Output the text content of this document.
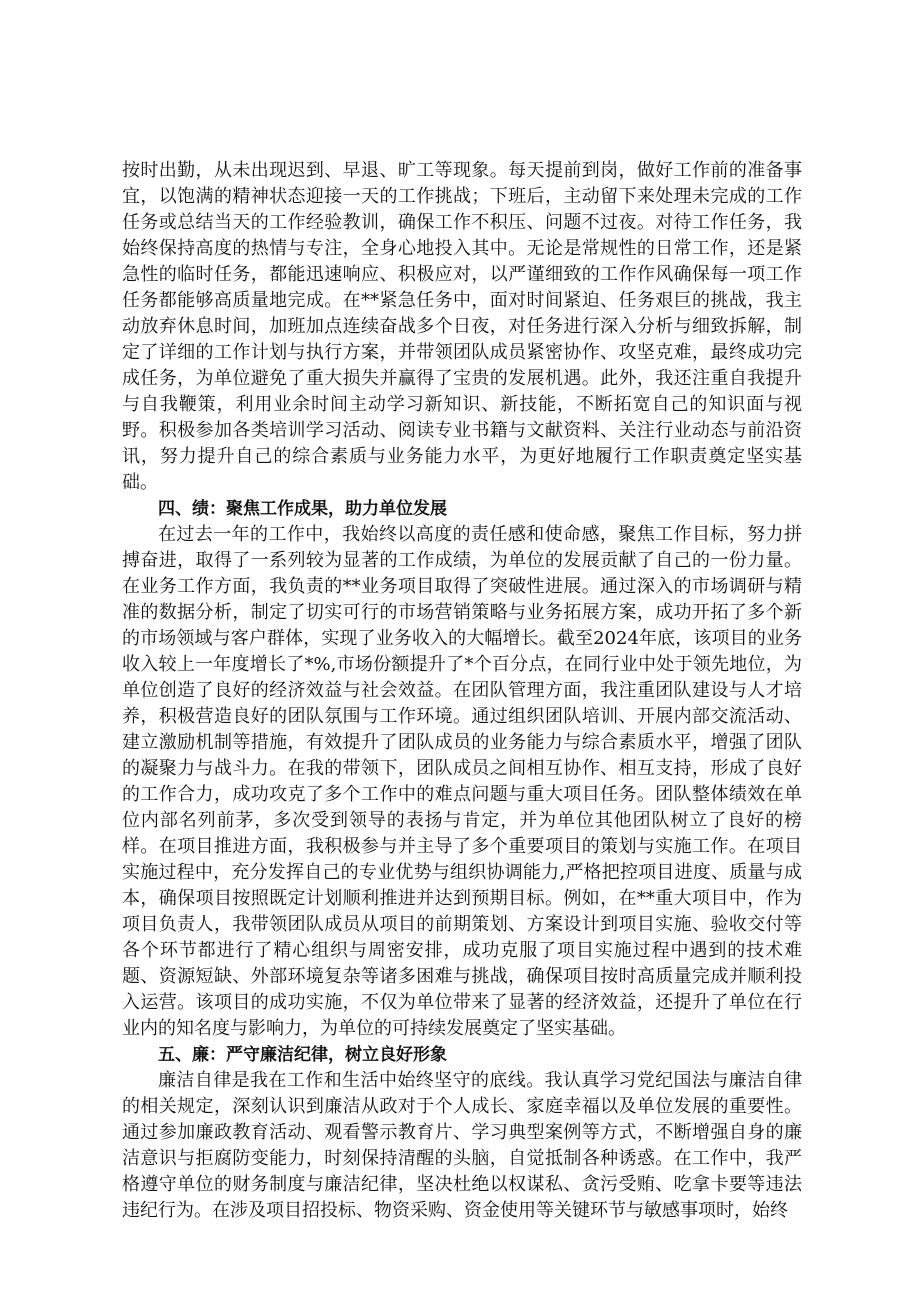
按时出勤，从未出现迟到、早退、旷工等现象。每天提前到岗，做好工作前的准备事宜，以饱满的精神状态迎接一天的工作挑战；下班后，主动留下来处理未完成的工作任务或总结当天的工作经验教训，确保工作不积压、问题不过夜。对待工作任务，我始终保持高度的热情与专注，全身心地投入其中。无论是常规性的日常工作，还是紧急性的临时任务，都能迅速响应、积极应对，以严谨细致的工作作风确保每一项工作任务都能够高质量地完成。在**紧急任务中，面对时间紧迫、任务艰巨的挑战，我主动放弃休息时间，加班加点连续奋战多个日夜，对任务进行深入分析与细致拆解，制定了详细的工作计划与执行方案，并带领团队成员紧密协作、攻坚克难，最终成功完成任务，为单位避免了重大损失并赢得了宝贵的发展机遇。此外，我还注重自我提升与自我鞭策，利用业余时间主动学习新知识、新技能，不断拓宽自己的知识面与视野。积极参加各类培训学习活动、阅读专业书籍与文献资料、关注行业动态与前沿资讯，努力提升自己的综合素质与业务能力水平，为更好地履行工作职责奠定坚实基础。

四、绩：聚焦工作成果，助力单位发展

在过去一年的工作中，我始终以高度的责任感和使命感，聚焦工作目标，努力拼搏奋进，取得了一系列较为显著的工作成绩，为单位的发展贡献了自己的一份力量。在业务工作方面，我负责的**业务项目取得了突破性进展。通过深入的市场调研与精准的数据分析，制定了切实可行的市场营销策略与业务拓展方案，成功开拓了多个新的市场领域与客户群体，实现了业务收入的大幅增长。截至2024年底，该项目的业务收入较上一年度增长了*%,市场份额提升了*个百分点，在同行业中处于领先地位，为单位创造了良好的经济效益与社会效益。在团队管理方面，我注重团队建设与人才培养，积极营造良好的团队氛围与工作环境。通过组织团队培训、开展内部交流活动、建立激励机制等措施，有效提升了团队成员的业务能力与综合素质水平，增强了团队的凝聚力与战斗力。在我的带领下，团队成员之间相互协作、相互支持，形成了良好的工作合力，成功攻克了多个工作中的难点问题与重大项目任务。团队整体绩效在单位内部名列前茅，多次受到领导的表扬与肯定，并为单位其他团队树立了良好的榜样。在项目推进方面，我积极参与并主导了多个重要项目的策划与实施工作。在项目实施过程中，充分发挥自己的专业优势与组织协调能力,严格把控项目进度、质量与成本，确保项目按照既定计划顺利推进并达到预期目标。例如，在**重大项目中，作为项目负责人，我带领团队成员从项目的前期策划、方案设计到项目实施、验收交付等各个环节都进行了精心组织与周密安排，成功克服了项目实施过程中遇到的技术难题、资源短缺、外部环境复杂等诸多困难与挑战，确保项目按时高质量完成并顺利投入运营。该项目的成功实施，不仅为单位带来了显著的经济效益，还提升了单位在行业内的知名度与影响力，为单位的可持续发展奠定了坚实基础。

五、廉：严守廉洁纪律，树立良好形象

廉洁自律是我在工作和生活中始终坚守的底线。我认真学习党纪国法与廉洁自律的相关规定，深刻认识到廉洁从政对于个人成长、家庭幸福以及单位发展的重要性。通过参加廉政教育活动、观看警示教育片、学习典型案例等方式，不断增强自身的廉洁意识与拒腐防变能力，时刻保持清醒的头脑，自觉抵制各种诱惑。在工作中，我严格遵守单位的财务制度与廉洁纪律，坚决杜绝以权谋私、贪污受贿、吃拿卡要等违法违纪行为。在涉及项目招投标、物资采购、资金使用等关键环节与敏感事项时，始终
